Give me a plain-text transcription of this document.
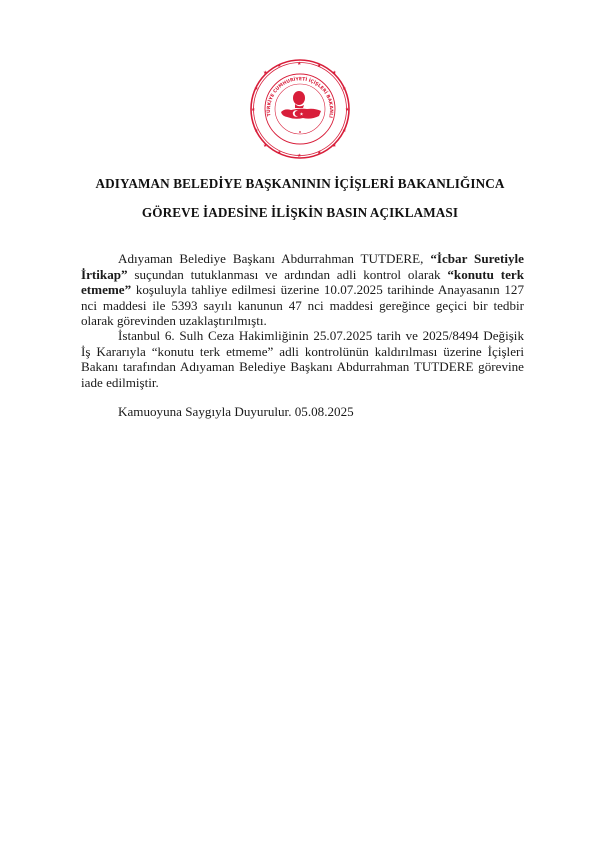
★
★	★	★
★
★	★
★	★
★	★
★
★	★	★
★
TÜRKİYE CUMHURİYETİ İÇİŞLERİ BAKANLI
★
ADIYAMAN BELEDİYE BAŞKANININ İÇİŞLERİ BAKANLIĞINCA
GÖREVE İADESİNE İLİŞKİN BASIN AÇIKLAMASI
Adıyaman Belediye Başkanı Abdurrahman TUTDERE, “İcbar Suretiyle İrtikap” suçundan tutuklanması ve ardından adli kontrol olarak “konutu terk etmeme” koşuluyla tahliye edilmesi üzerine 10.07.2025 tarihinde Anayasanın 127 nci maddesi ile 5393 sayılı kanunun 47 nci maddesi gereğince geçici bir tedbir olarak görevinden uzaklaştırılmıştı.
İstanbul 6. Sulh Ceza Hakimliğinin 25.07.2025 tarih ve 2025/8494 Değişik İş Kararıyla “konutu terk etmeme” adli kontrolünün kaldırılması üzerine İçişleri Bakanı tarafından Adıyaman Belediye Başkanı Abdurrahman TUTDERE görevine iade edilmiştir.
Kamuoyuna Saygıyla Duyurulur. 05.08.2025
